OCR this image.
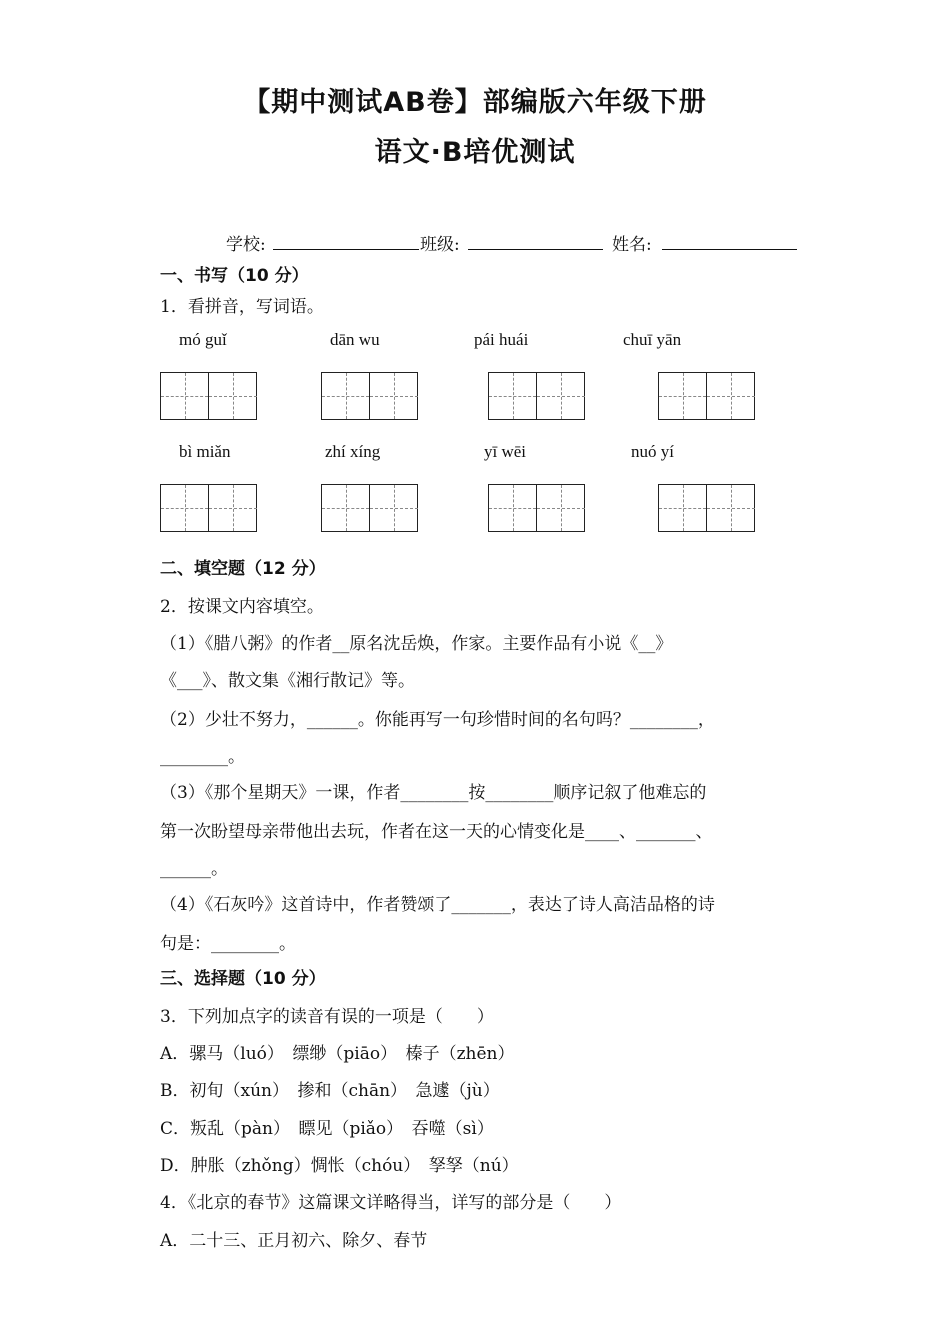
【期中测试AB卷】部编版六年级下册
语文·B培优测试
学校:	班级:	姓名:
一、书写（10 分）
1．看拼音，写词语。
mó guǐ	dān wu	pái huái	chuī yān
bì miǎn	zhí xíng	yī wēi	nuó yí
二、填空题（12 分）
2．按课文内容填空。
（1）《腊八粥》的作者__原名沈岳焕，作家。主要作品有小说《__》
《___》、散文集《湘行散记》等。
（2）少壮不努力，______。你能再写一句珍惜时间的名句吗？________，
________。
（3）《那个星期天》一课，作者________按________顺序记叙了他难忘的
第一次盼望母亲带他出去玩，作者在这一天的心情变化是____、_______、
______。
（4）《石灰吟》这首诗中，作者赞颂了_______，表达了诗人高洁品格的诗
句是：________。
三、选择题（10 分）
3．下列加点字的读音有误的一项是（　　）
A．骡马（luó）　缥缈（piāo）　榛子（zhēn）
B．初旬（xún）　掺和（chān）　急遽（jù）
C．叛乱（pàn）　瞟见（piǎo）　吞噬（sì）
D．肿胀（zhǒng）惆怅（chóu）　孥孥（nú）
4．《北京的春节》这篇课文详略得当，详写的部分是（　　）
A．二十三、正月初六、除夕、春节
